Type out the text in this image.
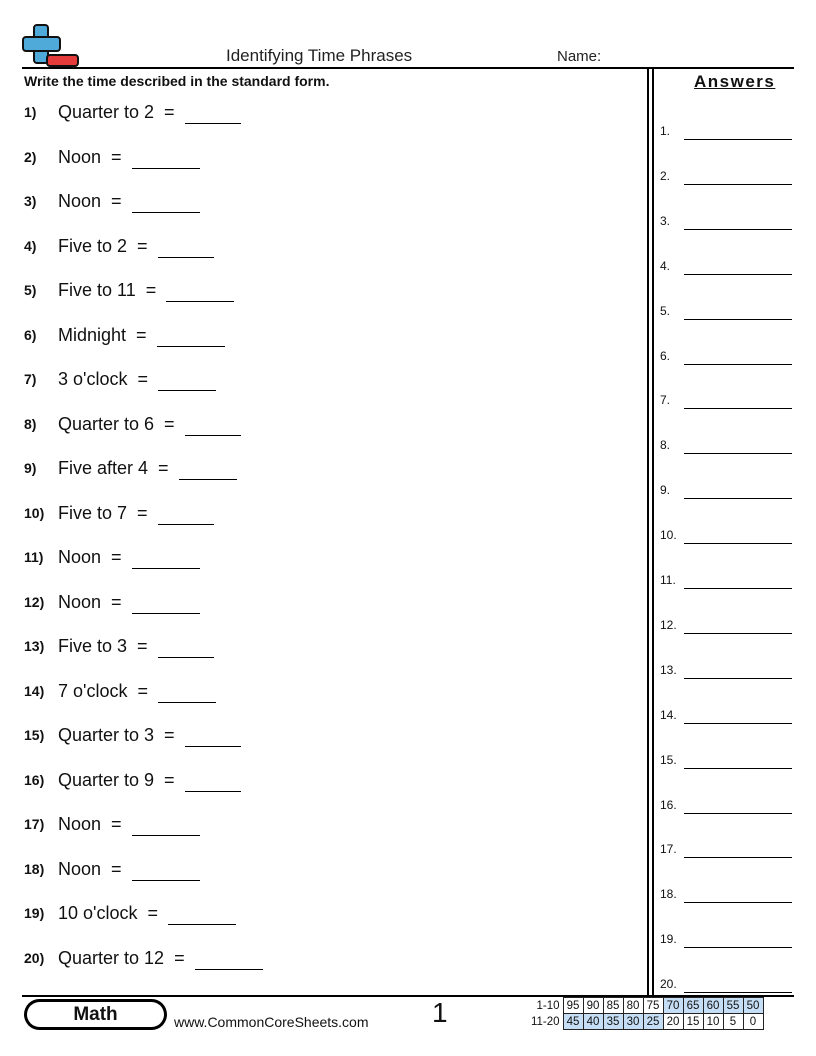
Identifying Time Phrases	Name:
Write the time described in the standard form.
1)	Quarter to 2 =
2)	Noon =
3)	Noon =
4)	Five to 2 =
5)	Five to 11 =
6)	Midnight =
7)	3 o'clock =
8)	Quarter to 6 =
9)	Five after 4 =
10) Five to 7 =
11) Noon =
12) Noon =
13) Five to 3 =
14) 7 o'clock =
15) Quarter to 3 =
16) Quarter to 9 =
17) Noon =
18) Noon =
19) 10 o'clock =
20) Quarter to 12 =
Answers
1.
2.
3.
4.
5.
6.
7.
8.
9.
10.
11.
12.
13.
14.
15.
16.
17.
18.
19.
20.
Math	www.CommonCoreSheets.com 1	1-10	95	90	85	80	75	70	65	60	55	50
11-20	45	40	35	30	25	20	15	10	5	0
